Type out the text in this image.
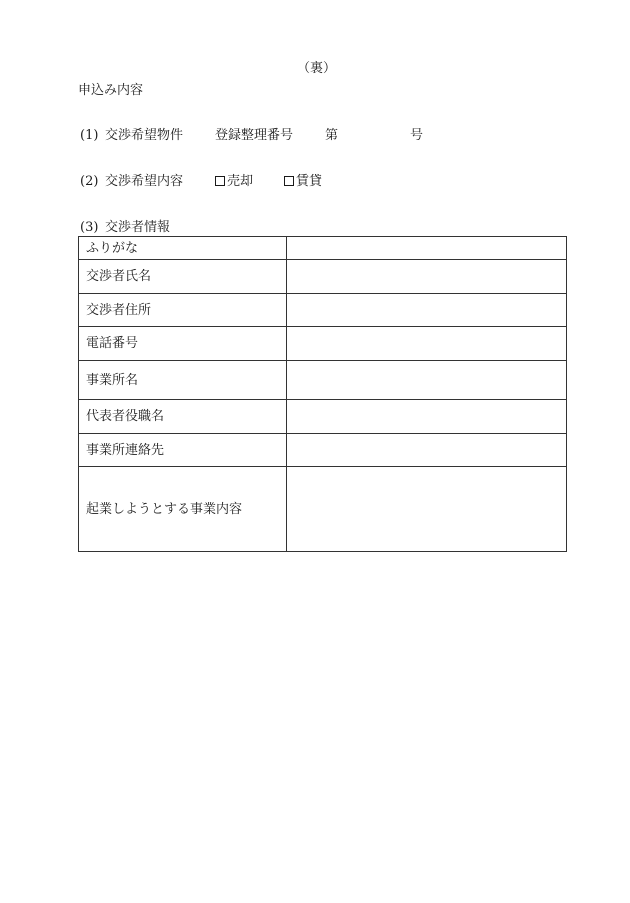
（裏）
申込み内容
(1) 交渉希望物件 登録整理番号 第	号
(2) 交渉希望内容	売却	賃貸
(3) 交渉者情報
ふりがな	
交渉者氏名	
交渉者住所	
電話番号	
事業所名	
代表者役職名	
事業所連絡先	
起業しようとする事業内容	
